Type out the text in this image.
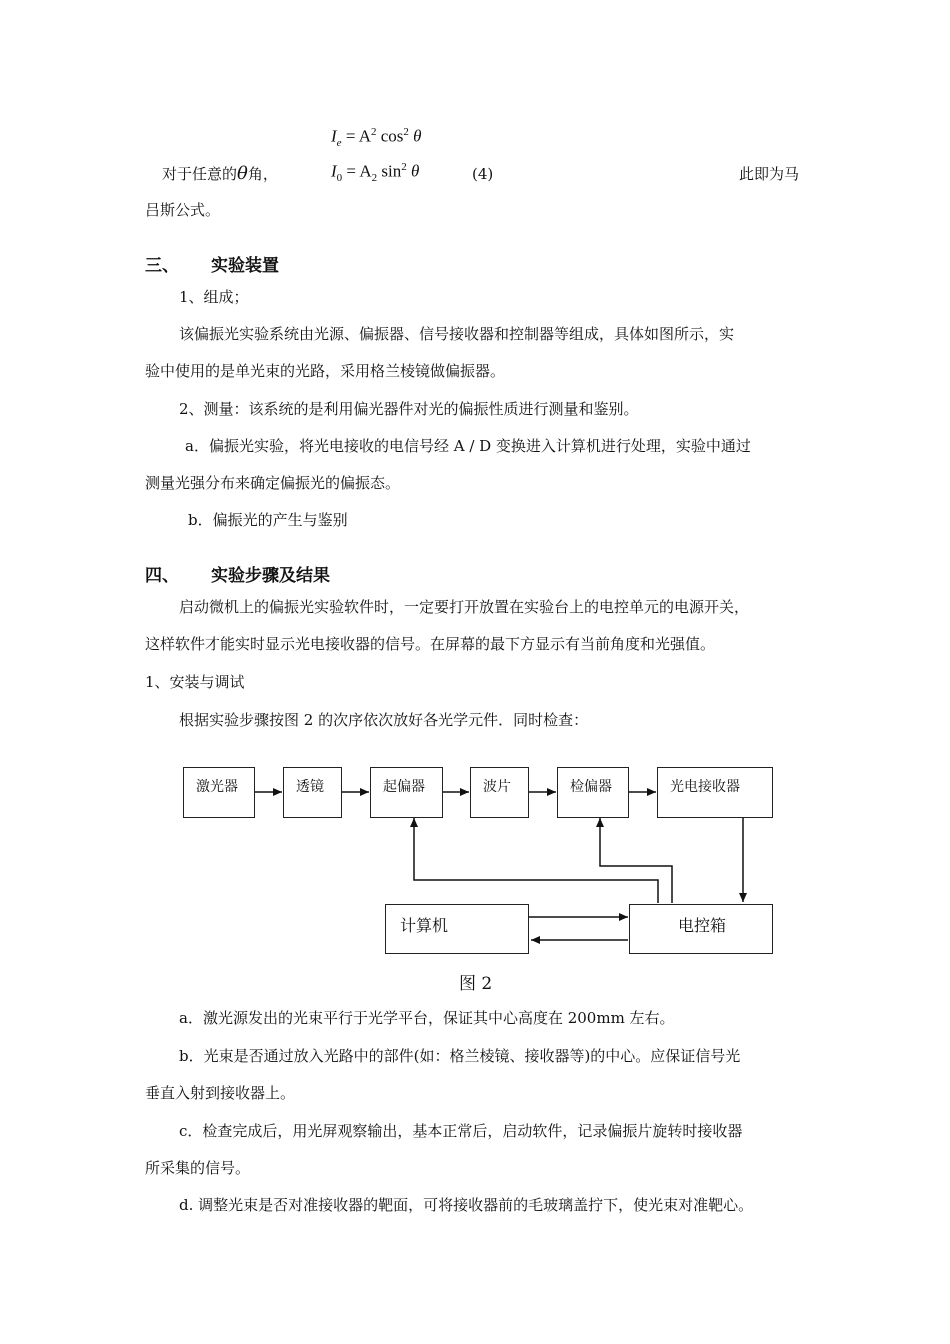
$I_e = A^2$ $\cos^2 \theta$
$I_0 = A_2$ $\sin^2 \theta$
对于任意的θ角，	(4)	此即为马
吕斯公式。
三、 实验装置
1、组成；
该偏振光实验系统由光源、偏振器、信号接收器和控制器等组成，具体如图所示，实
验中使用的是单光束的光路，采用格兰棱镜做偏振器。
2、测量：该系统的是利用偏光器件对光的偏振性质进行测量和鉴别。
a．偏振光实验，将光电接收的电信号经 A / D 变换进入计算机进行处理，实验中通过
测量光强分布来确定偏振光的偏振态。
b．偏振光的产生与鉴别
四、 实验步骤及结果
启动微机上的偏振光实验软件时，一定要打开放置在实验台上的电控单元的电源开关，
这样软件才能实时显示光电接收器的信号。在屏幕的最下方显示有当前角度和光强值。
1、安装与调试
根据实验步骤按图 2 的次序依次放好各光学元件．同时检查：
激光器	透镜	起偏器	波片	检偏器	光电接收器
计算机	电控箱
图 2
a．激光源发出的光束平行于光学平台，保证其中心高度在 200mm 左右。
b．光束是否通过放入光路中的部件(如：格兰棱镜、接收器等)的中心。应保证信号光
垂直入射到接收器上。
c．检查完成后，用光屏观察输出，基本正常后，启动软件，记录偏振片旋转时接收器
所采集的信号。
d. 调整光束是否对准接收器的靶面，可将接收器前的毛玻璃盖拧下，使光束对准靶心。
